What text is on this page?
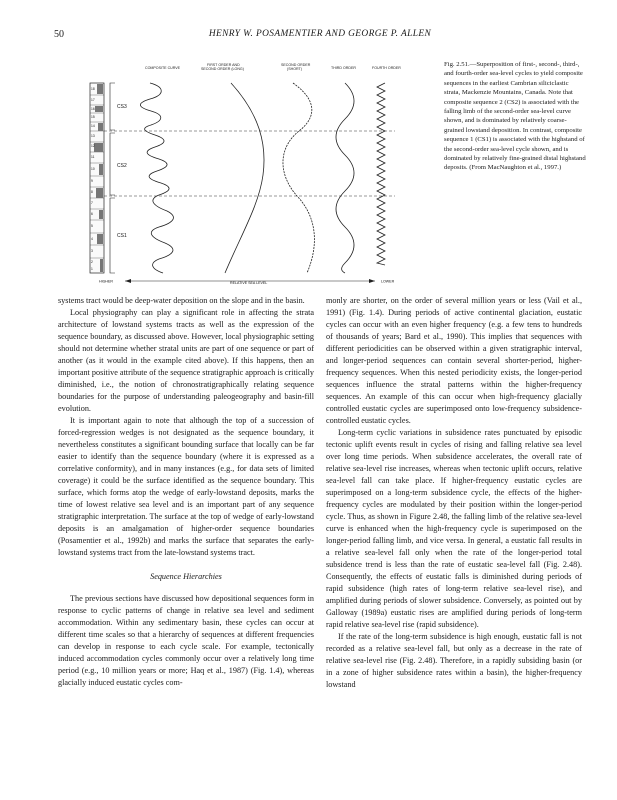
50	HENRY W. POSAMENTIER AND GEORGE P. ALLEN
COMPOSITE CURVE
FIRST ORDER AND
SECOND ORDER (LONG)
SECOND ORDER
(SHORT)	THIRD ORDER	FOURTH ORDER
18
17
16
15
14
13
12
11
10
9
8
7
6
5
4
3
2
1
CS3
CS2
CS1
HIGHER	RELATIVE SEA LEVEL	LOWER
Fig. 2.51.—Superposition of first-, second-, third-, and fourth-order sea-level cycles to yield composite sequences in the earliest Cambrian siliciclastic strata, Mackenzie Mountains, Canada. Note that composite sequence 2 (CS2) is associated with the falling limb of the second-order sea-level curve shown, and is dominated by relatively coarse-grained lowstand deposition. In contrast, composite sequence 1 (CS1) is associated with the highstand of the second-order sea-level cycle shown, and is dominated by relatively fine-grained distal highstand deposits. (From MacNaughton et al., 1997.)

systems tract would be deep-water deposition on the slope and in the basin.

Local physiography can play a significant role in affecting the strata architecture of lowstand systems tracts as well as the expression of the sequence boundary, as discussed above. However, local physiographic setting should not determine whether stratal units are part of one sequence or part of another (as it would in the example cited above). If this happens, then an important positive attribute of the sequence stratigraphic approach is critically diminished, i.e., the notion of chronostratigraphically relating sequence boundaries for the purpose of understanding paleogeography and basin-fill evolution.

It is important again to note that although the top of a succession of forced-regression wedges is not designated as the sequence boundary, it nevertheless constitutes a significant bounding surface that locally can be far easier to identify than the sequence boundary (where it is expressed as a correlative conformity), and in many instances (e.g., for data sets of limited coverage) it could be the surface identified as the sequence boundary. This surface, which forms atop the wedge of early-lowstand deposits, marks the time of lowest relative sea level and is an important part of any sequence stratigraphic interpretation. The surface at the top of wedge of early-lowstand deposits is an amalgamation of higher-order sequence boundaries (Posamentier et al., 1992b) and marks the surface that separates the early-lowstand systems tract from the late-lowstand systems tract.

Sequence Hierarchies

The previous sections have discussed how depositional sequences form in response to cyclic patterns of change in relative sea level and sediment accommodation. Within any sedimentary basin, these cycles can occur at different time scales so that a hierarchy of sequences at different frequencies can develop in response to each cycle scale. For example, tectonically induced accommodation cycles commonly occur over a relatively long time period (e.g., 10 million years or more; Haq et al., 1987) (Fig. 1.4), whereas glacially induced eustatic cycles com-

monly are shorter, on the order of several million years or less (Vail et al., 1991) (Fig. 1.4). During periods of active continental glaciation, eustatic cycles can occur with an even higher frequency (e.g. a few tens to hundreds of thousands of years; Bard et al., 1990). This implies that sequences with different periodicities can be observed within a given stratigraphic interval, and longer-period sequences can contain several shorter-period, higher-frequency sequences. When this nested periodicity exists, the longer-period sequences influence the stratal patterns within the higher-frequency sequences. An example of this can occur when high-frequency glacially controlled eustatic cycles are superimposed onto low-frequency subsidence-controlled eustatic cycles.

Long-term cyclic variations in subsidence rates punctuated by episodic tectonic uplift events result in cycles of rising and falling relative sea level over long time periods. When subsidence accelerates, the overall rate of relative sea-level rise increases, whereas when tectonic uplift occurs, relative sea-level fall can take place. If higher-frequency eustatic cycles are superimposed on a long-term subsidence cycle, the effects of the higher-frequency cycles are modulated by their position within the longer-period cycle. Thus, as shown in Figure 2.48, the falling limb of the relative sea-level curve is enhanced when the high-frequency cycle is superimposed on the longer-period falling limb, and vice versa. In general, a eustatic fall results in a relative sea-level fall only when the rate of the longer-period total subsidence trend is less than the rate of eustatic sea-level fall (Fig. 2.48). Consequently, the effects of eustatic falls is diminished during periods of rapid subsidence (high rates of long-term relative sea-level rise), and amplified during periods of slower subsidence. Conversely, as pointed out by Galloway (1989a) eustatic rises are amplified during periods of long-term rapid relative sea-level rise (rapid subsidence).

If the rate of the long-term subsidence is high enough, eustatic fall is not recorded as a relative sea-level fall, but only as a decrease in the rate of relative sea-level rise (Fig. 2.48). Therefore, in a rapidly subsiding basin (or in a zone of higher subsidence rates within a basin), the higher-frequency lowstand
